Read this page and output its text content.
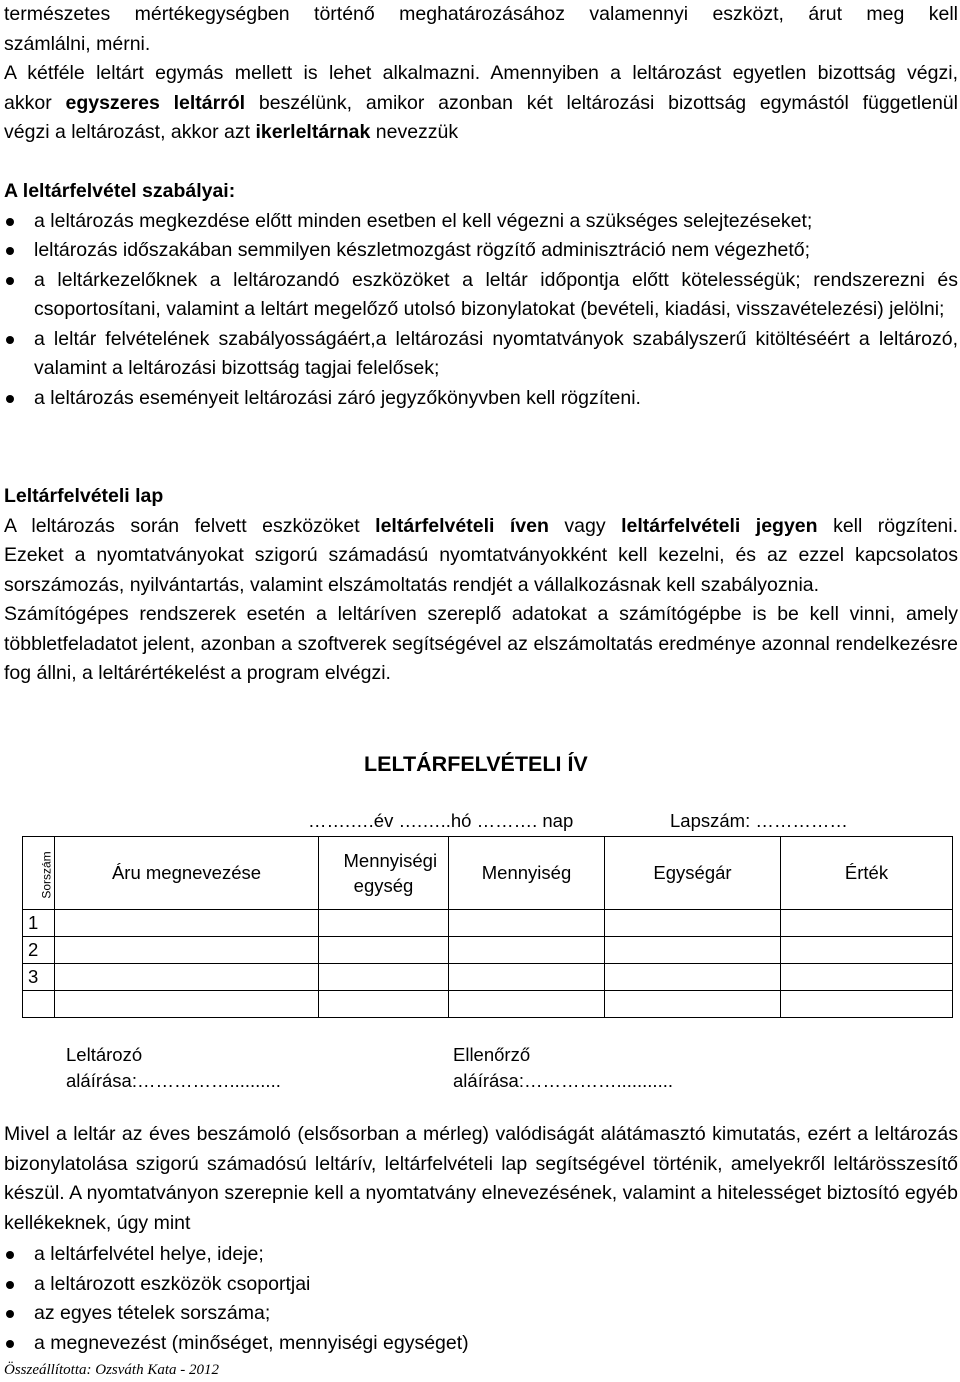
természetes mértékegységben történő meghatározásához valamennyi eszközt, árut meg kell

számlálni, mérni.

A kétféle leltárt egymás mellett is lehet alkalmazni. Amennyiben a leltározást egyetlen bizottság végzi,

akkor egyszeres leltárról beszélünk, amikor azonban két leltározási bizottság egymástól függetlenül

végzi a leltározást, akkor azt ikerleltárnak nevezzük

A leltárfelvétel szabályai:

a leltározás megkezdése előtt minden esetben el kell végezni a szükséges selejtezéseket;
leltározás időszakában semmilyen készletmozgást rögzítő adminisztráció nem végezhető;
a leltárkezelőknek a leltározandó eszközöket a leltár időpontja előtt kötelességük; rendszerezni és csoportosítani, valamint a leltárt megelőző utolsó bizonylatokat (bevételi, kiadási, visszavételezési) jelölni;
a leltár felvételének szabályosságáért,a leltározási nyomtatványok szabályszerű kitöltéséért a leltározó, valamint a leltározási bizottság tagjai felelősek;
a leltározás eseményeit leltározási záró jegyzőkönyvben kell rögzíteni.

Leltárfelvételi lap

A leltározás során felvett eszközöket leltárfelvételi íven vagy leltárfelvételi jegyen kell rögzíteni.

Ezeket a nyomtatványokat szigorú számadású nyomtatványokként kell kezelni, és az ezzel kapcsolatos sorszámozás, nyilvántartás, valamint elszámoltatás rendjét a vállalkozásnak kell szabályoznia.

Számítógépes rendszerek esetén a leltáríven szereplő adatokat a számítógépbe is be kell vinni, amely többletfeladatot jelent, azonban a szoftverek segítségével az elszámoltatás eredménye azonnal rendelkezésre fog állni, a leltárértékelést a program elvégzi.

LELTÁRFELVÉTELI ÍV
…….….év ….…..hó ………. nap	Lapszám: ……………
Sorszám	Áru megnevezése	Mennyiségi egység	Mennyiség	Egységár	Érték
1					
2					
3					

Leltározó
aláírása:……………..........
Ellenőrző
aláírása:……………...........

Mivel a leltár az éves beszámoló (elsősorban a mérleg) valódiságát alátámasztó kimutatás, ezért a leltározás bizonylatolása szigorú számadósú leltárív, leltárfelvételi lap segítségével történik, amelyekről leltárösszesítő készül. A nyomtatványon szerepnie kell a nyomtatvány elnevezésének, valamint a hitelességet biztosító egyéb kellékeknek, úgy mint

a leltárfelvétel helye, ideje;
a leltározott eszközök csoportjai
az egyes tételek sorszáma;
a megnevezést (minőséget, mennyiségi egységet)
Összeállította: Ozsváth Kata - 2012
